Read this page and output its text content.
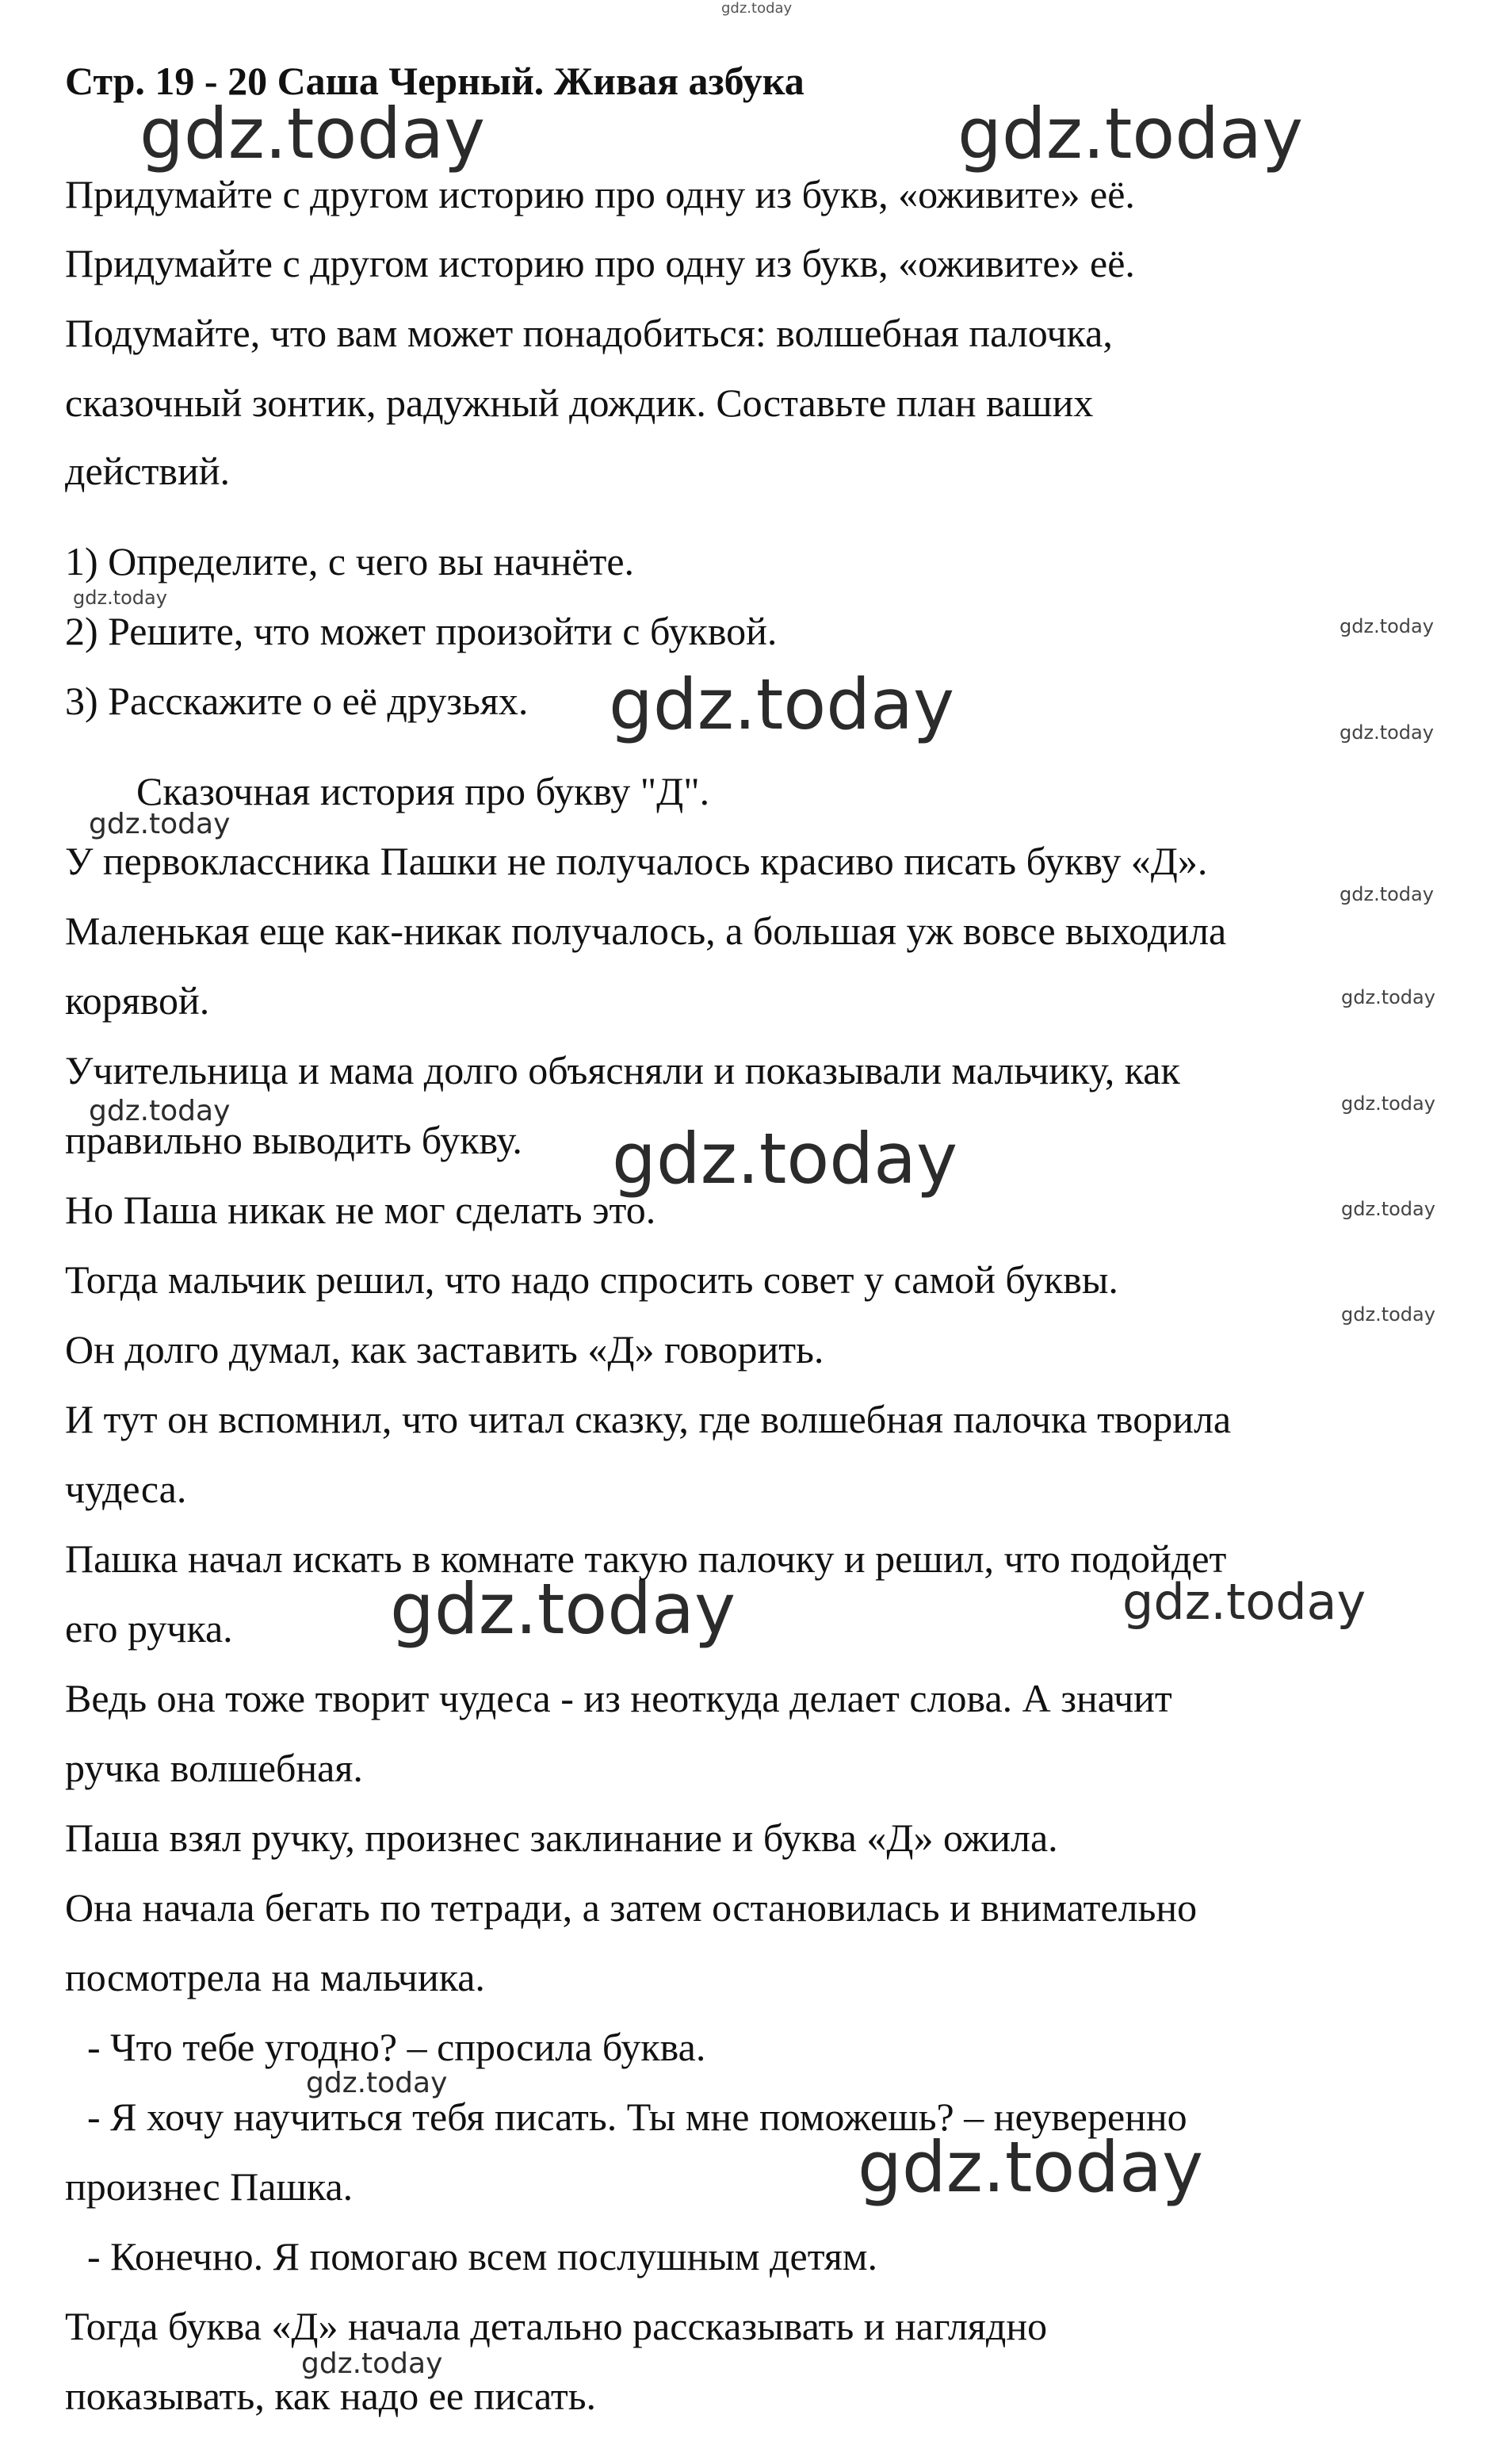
gdz.today
gdz.today	gdz.today
gdz.today
gdz.today
gdz.today	gdz.today
gdz.today
gdz.today
gdz.today
gdz.today	gdz.today
gdz.today
gdz.today
gdz.today
gdz.today	gdz.today
gdz.today
gdz.today
gdz.today
Стр. 19 - 20 Саша Черный. Живая азбука
Придумайте с другом историю про одну из букв, «оживите» её.
Придумайте с другом историю про одну из букв, «оживите» её.
Подумайте, что вам может понадобиться: волшебная палочка,
сказочный зонтик, радужный дождик. Составьте план ваших
действий.
1) Определите, с чего вы начнёте.
2) Решите, что может произойти с буквой.
3) Расскажите о её друзьях.
Сказочная история про букву "Д".
У первоклассника Пашки не получалось красиво писать букву «Д».
Маленькая еще как-никак получалось, а большая уж вовсе выходила
корявой.
Учительница и мама долго объясняли и показывали мальчику, как
правильно выводить букву.
Но Паша никак не мог сделать это.
Тогда мальчик решил, что надо спросить совет у самой буквы.
Он долго думал, как заставить «Д» говорить.
И тут он вспомнил, что читал сказку, где волшебная палочка творила
чудеса.
Пашка начал искать в комнате такую палочку и решил, что подойдет
его ручка.
Ведь она тоже творит чудеса - из неоткуда делает слова. А значит
ручка волшебная.
Паша взял ручку, произнес заклинание и буква «Д» ожила.
Она начала бегать по тетради, а затем остановилась и внимательно
посмотрела на мальчика.
- Что тебе угодно? – спросила буква.
- Я хочу научиться тебя писать. Ты мне поможешь? – неуверенно
произнес Пашка.
- Конечно. Я помогаю всем послушным детям.
Тогда буква «Д» начала детально рассказывать и наглядно
показывать, как надо ее писать.
